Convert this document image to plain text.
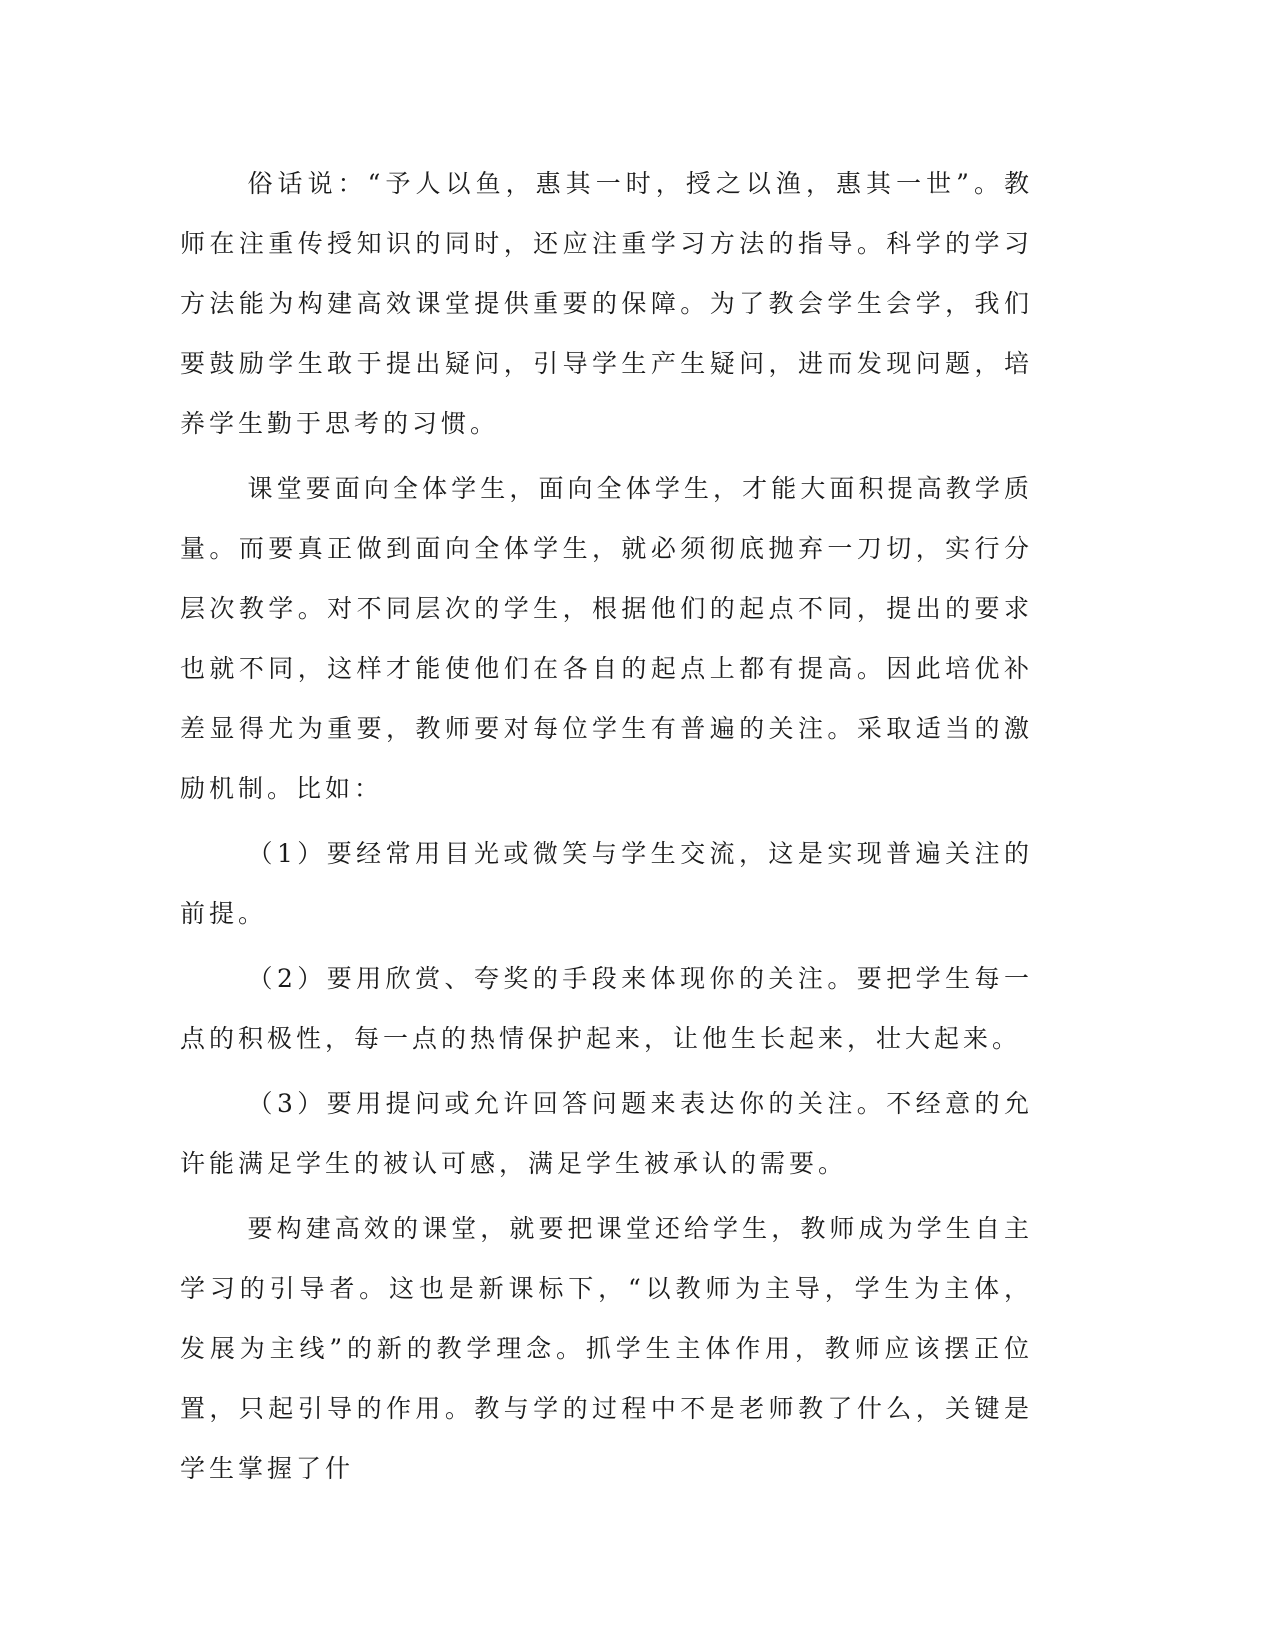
俗话说：“予人以鱼，惠其一时，授之以渔，惠其一世”。教师在注重传授知识的同时，还应注重学习方法的指导。科学的学习方法能为构建高效课堂提供重要的保障。为了教会学生会学，我们要鼓励学生敢于提出疑问，引导学生产生疑问，进而发现问题，培养学生勤于思考的习惯。

课堂要面向全体学生，面向全体学生，才能大面积提高教学质量。而要真正做到面向全体学生，就必须彻底抛弃一刀切，实行分层次教学。对不同层次的学生，根据他们的起点不同，提出的要求也就不同，这样才能使他们在各自的起点上都有提高。因此培优补差显得尤为重要，教师要对每位学生有普遍的关注。采取适当的激励机制。比如：

（1）要经常用目光或微笑与学生交流，这是实现普遍关注的前提。

（2）要用欣赏、夸奖的手段来体现你的关注。要把学生每一点的积极性，每一点的热情保护起来，让他生长起来，壮大起来。

（3）要用提问或允许回答问题来表达你的关注。不经意的允许能满足学生的被认可感，满足学生被承认的需要。

要构建高效的课堂，就要把课堂还给学生，教师成为学生自主学习的引导者。这也是新课标下，“以教师为主导，学生为主体，发展为主线”的新的教学理念。抓学生主体作用，教师应该摆正位置，只起引导的作用。教与学的过程中不是老师教了什么，关键是学生掌握了什
